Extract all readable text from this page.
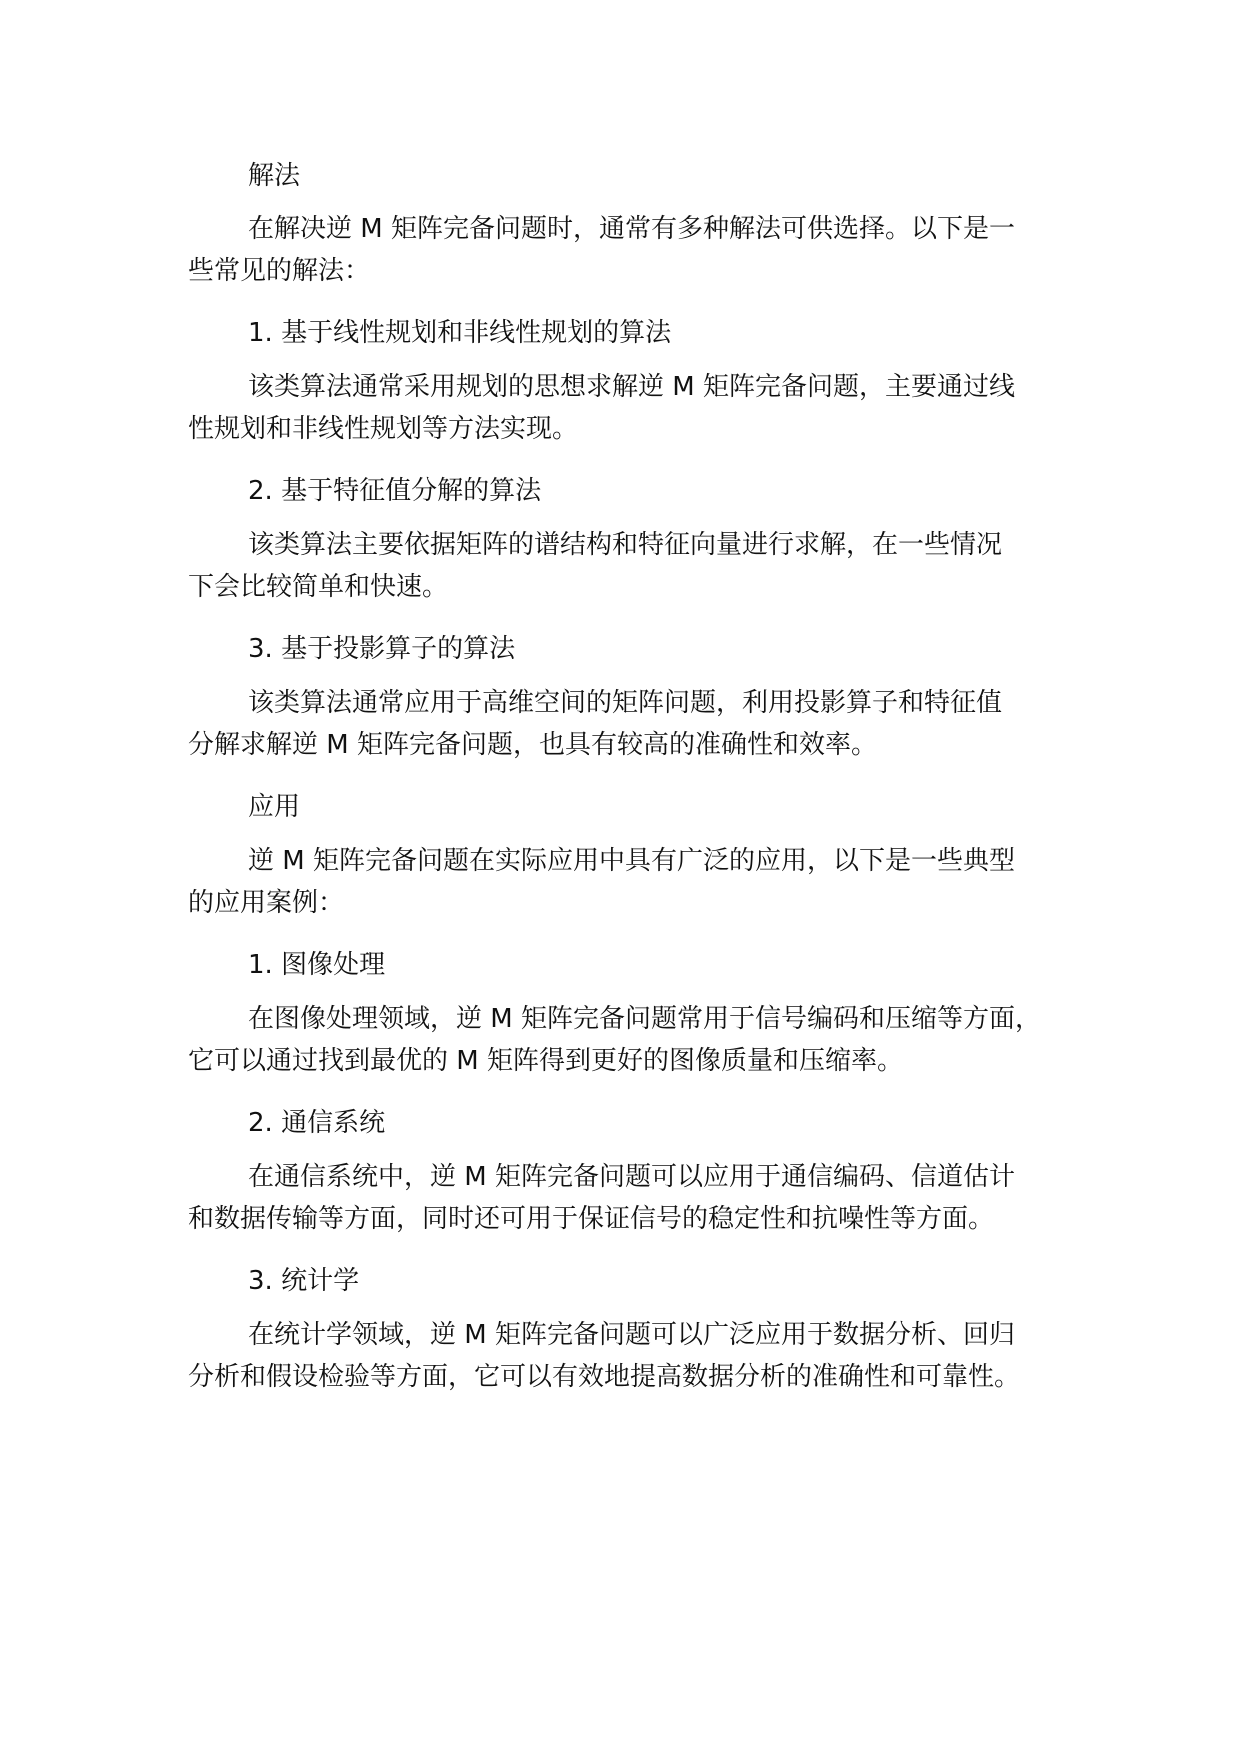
解法

在解决逆 M 矩阵完备问题时，通常有多种解法可供选择。以下是一

些常见的解法：

1. 基于线性规划和非线性规划的算法

该类算法通常采用规划的思想求解逆 M 矩阵完备问题，主要通过线

性规划和非线性规划等方法实现。

2. 基于特征值分解的算法

该类算法主要依据矩阵的谱结构和特征向量进行求解，在一些情况

下会比较简单和快速。

3. 基于投影算子的算法

该类算法通常应用于高维空间的矩阵问题，利用投影算子和特征值

分解求解逆 M 矩阵完备问题，也具有较高的准确性和效率。

应用

逆 M 矩阵完备问题在实际应用中具有广泛的应用，以下是一些典型

的应用案例：

1. 图像处理

在图像处理领域，逆 M 矩阵完备问题常用于信号编码和压缩等方面，

它可以通过找到最优的 M 矩阵得到更好的图像质量和压缩率。

2. 通信系统

在通信系统中，逆 M 矩阵完备问题可以应用于通信编码、信道估计

和数据传输等方面，同时还可用于保证信号的稳定性和抗噪性等方面。

3. 统计学

在统计学领域，逆 M 矩阵完备问题可以广泛应用于数据分析、回归

分析和假设检验等方面，它可以有效地提高数据分析的准确性和可靠性。
